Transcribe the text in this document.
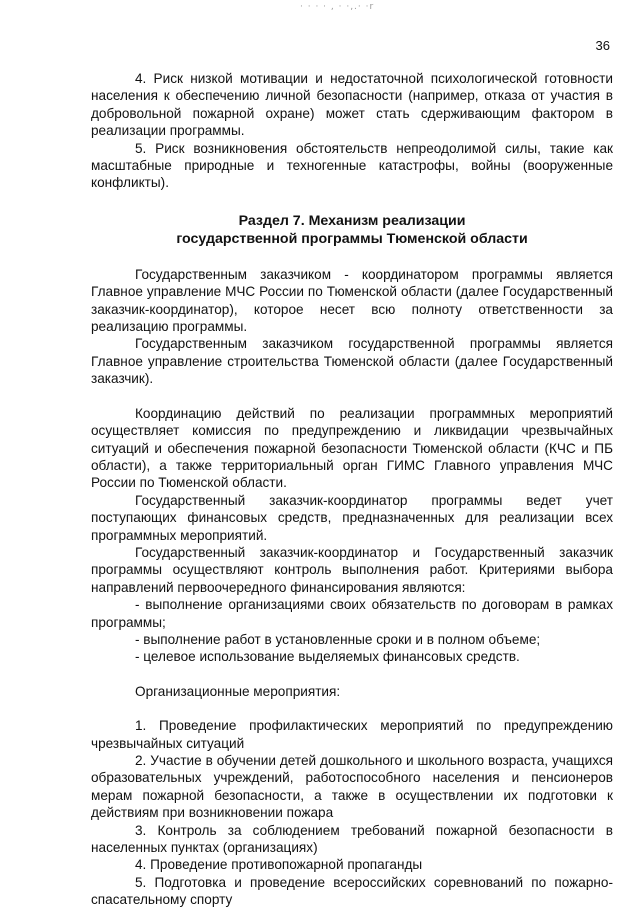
· · · · , · ·,.· ·r
36

4. Риск низкой мотивации и недостаточной психологической готовности населения к обеспечению личной безопасности (например, отказа от участия в добровольной пожарной охране) может стать сдерживающим фактором в реализации программы.

5. Риск возникновения обстоятельств непреодолимой силы, такие как масштабные природные и техногенные катастрофы, войны (вооруженные конфликты).

Раздел 7. Механизм реализации
государственной программы Тюменской области

Государственным заказчиком - координатором программы является Главное управление МЧС России по Тюменской области (далее Государственный заказчик-координатор), которое несет всю полноту ответственности за реализацию программы.

Государственным заказчиком государственной программы является Главное управление строительства Тюменской области (далее Государственный заказчик).

Координацию действий по реализации программных мероприятий осуществляет комиссия по предупреждению и ликвидации чрезвычайных ситуаций и обеспечения пожарной безопасности Тюменской области (КЧС и ПБ области), а также территориальный орган ГИМС Главного управления МЧС России по Тюменской области.

Государственный заказчик-координатор программы ведет учет поступающих финансовых средств, предназначенных для реализации всех программных мероприятий.

Государственный заказчик-координатор и Государственный заказчик программы осуществляют контроль выполнения работ. Критериями выбора направлений первоочередного финансирования являются:

- выполнение организациями своих обязательств по договорам в рамках программы;

- выполнение работ в установленные сроки и в полном объеме;

- целевое использование выделяемых финансовых средств.

Организационные мероприятия:

1. Проведение профилактических мероприятий по предупреждению чрезвычайных ситуаций

2. Участие в обучении детей дошкольного и школьного возраста, учащихся образовательных учреждений, работоспособного населения и пенсионеров мерам пожарной безопасности, а также в осуществлении их подготовки к действиям при возникновении пожара

3. Контроль за соблюдением требований пожарной безопасности в населенных пунктах (организациях)

4. Проведение противопожарной пропаганды

5. Подготовка и проведение всероссийских соревнований по пожарно-спасательному спорту
